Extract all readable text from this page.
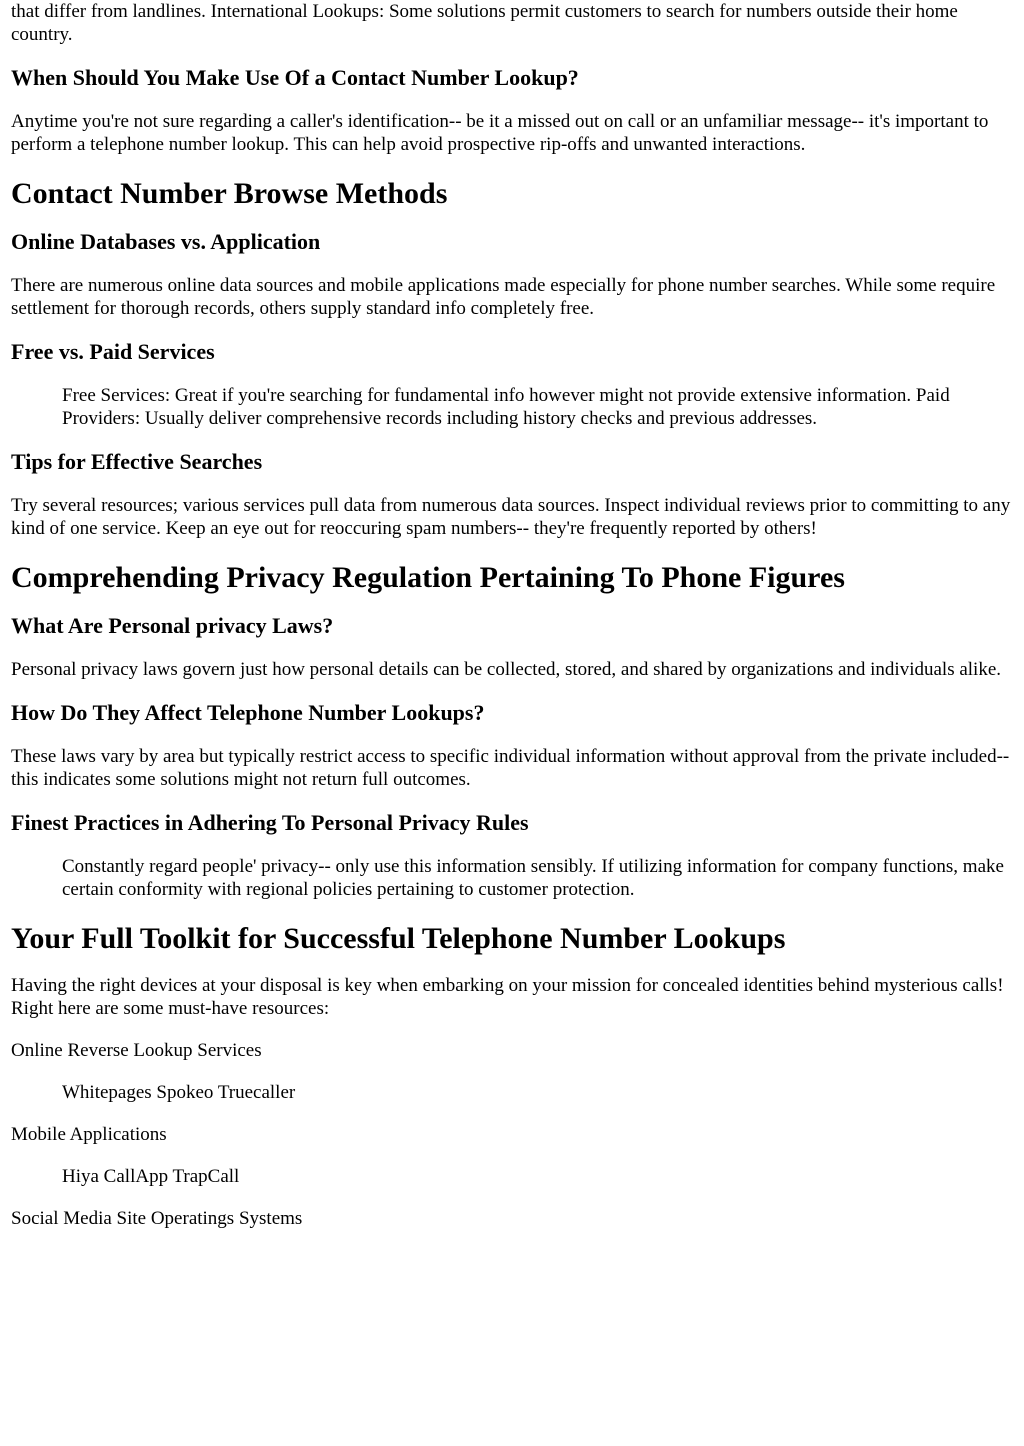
that differ from landlines. International Lookups: Some solutions permit customers to search for numbers outside their home country.

When Should You Make Use Of a Contact Number Lookup?

Anytime you're not sure regarding a caller's identification-- be it a missed out on call or an unfamiliar message-- it's important to perform a telephone number lookup. This can help avoid prospective rip-offs and unwanted interactions.

Contact Number Browse Methods
Online Databases vs. Application

There are numerous online data sources and mobile applications made especially for phone number searches. While some require settlement for thorough records, others supply standard info completely free.

Free vs. Paid Services
Free Services: Great if you're searching for fundamental info however might not provide extensive information. Paid Providers: Usually deliver comprehensive records including history checks and previous addresses.
Tips for Effective Searches

Try several resources; various services pull data from numerous data sources. Inspect individual reviews prior to committing to any kind of one service. Keep an eye out for reoccuring spam numbers-- they're frequently reported by others!

Comprehending Privacy Regulation Pertaining To Phone Figures
What Are Personal privacy Laws?

Personal privacy laws govern just how personal details can be collected, stored, and shared by organizations and individuals alike.

How Do They Affect Telephone Number Lookups?

These laws vary by area but typically restrict access to specific individual information without approval from the private included-- this indicates some solutions might not return full outcomes.

Finest Practices in Adhering To Personal Privacy Rules
Constantly regard people' privacy-- only use this information sensibly. If utilizing information for company functions, make certain conformity with regional policies pertaining to customer protection.
Your Full Toolkit for Successful Telephone Number Lookups

Having the right devices at your disposal is key when embarking on your mission for concealed identities behind mysterious calls! Right here are some must-have resources:

Online Reverse Lookup Services

Whitepages Spokeo Truecaller

Mobile Applications

Hiya CallApp TrapCall

Social Media Site Operatings Systems
